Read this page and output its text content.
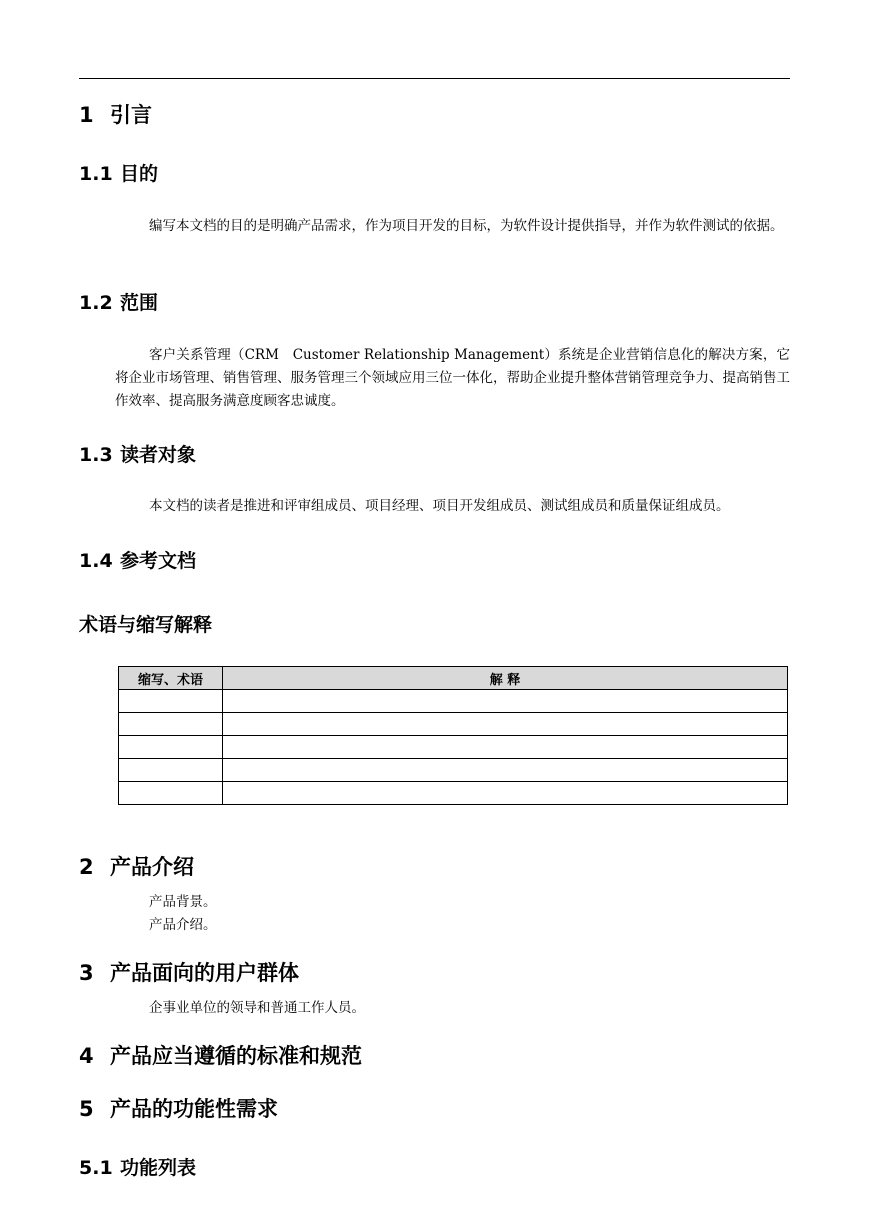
1 引言
1.1 目的

编写本文档的目的是明确产品需求，作为项目开发的目标，为软件设计提供指导，并作为软件测试的依据。

1.2 范围

客户关系管理（CRM　Customer Relationship Management）系统是企业营销信息化的解决方案，它将企业市场管理、销售管理、服务管理三个领域应用三位一体化，帮助企业提升整体营销管理竞争力、提高销售工作效率、提高服务满意度顾客忠诚度。

1.3 读者对象

本文档的读者是推进和评审组成员、项目经理、项目开发组成员、测试组成员和质量保证组成员。

1.4 参考文档
术语与缩写解释
缩写、术语	解 释

2 产品介绍

产品背景。

产品介绍。

3 产品面向的用户群体

企事业单位的领导和普通工作人员。

4 产品应当遵循的标准和规范
5 产品的功能性需求
5.1 功能列表
